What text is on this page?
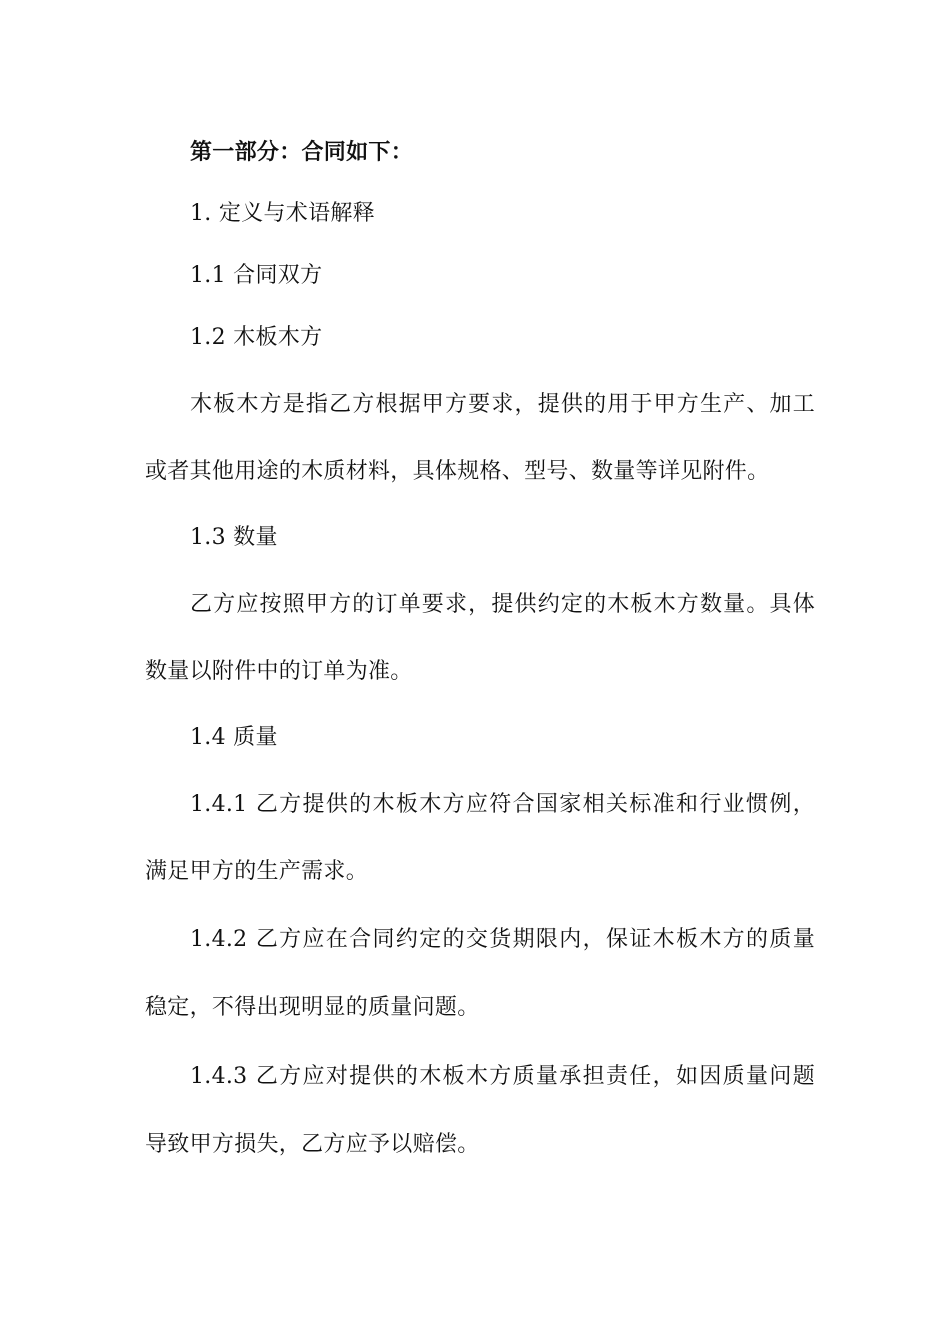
第一部分：合同如下：
1. 定义与术语解释
1.1 合同双方
1.2 木板木方
木板木方是指乙方根据甲方要求，提供的用于甲方生产、加工
或者其他用途的木质材料，具体规格、型号、数量等详见附件。
1.3 数量
乙方应按照甲方的订单要求，提供约定的木板木方数量。具体
数量以附件中的订单为准。
1.4 质量
1.4.1 乙方提供的木板木方应符合国家相关标准和行业惯例，
满足甲方的生产需求。
1.4.2 乙方应在合同约定的交货期限内，保证木板木方的质量
稳定，不得出现明显的质量问题。
1.4.3 乙方应对提供的木板木方质量承担责任，如因质量问题
导致甲方损失，乙方应予以赔偿。
